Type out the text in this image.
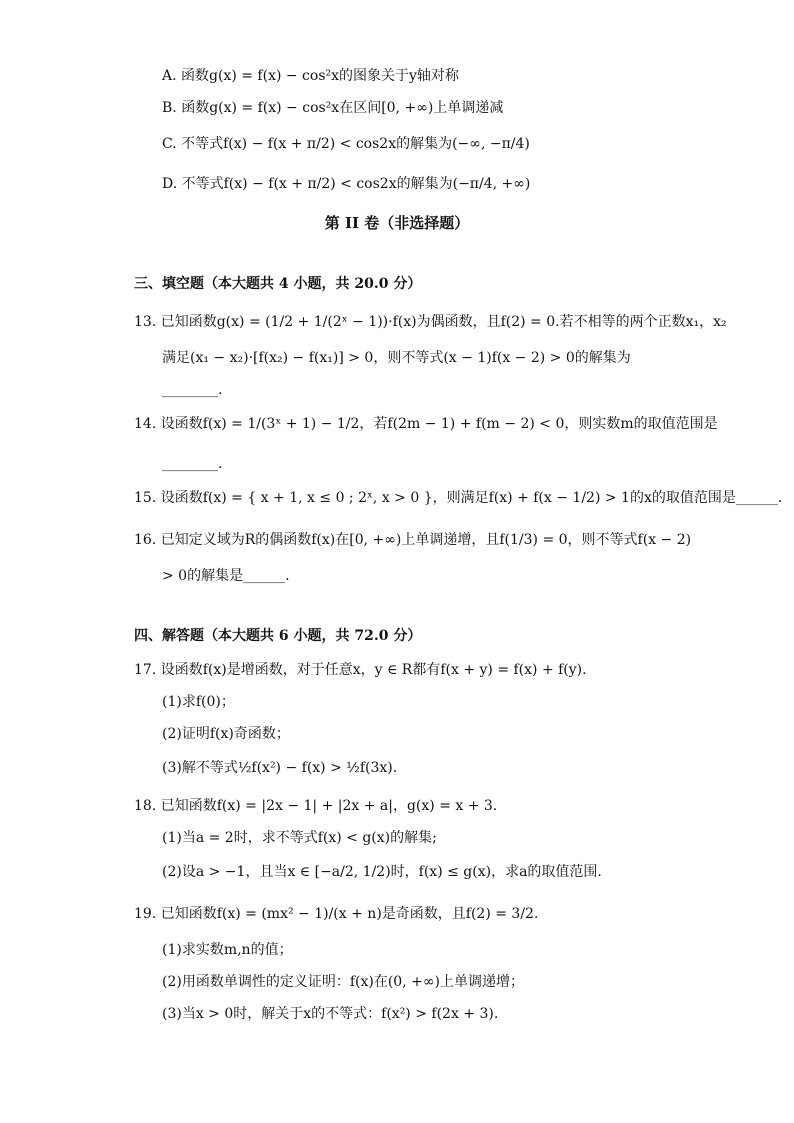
A. 函数g(x) = f(x) − cos²x的图象关于y轴对称
B. 函数g(x) = f(x) − cos²x在区间[0, +∞)上单调递减
C. 不等式f(x) − f(x + π/2) < cos2x的解集为(−∞, −π/4)
D. 不等式f(x) − f(x + π/2) < cos2x的解集为(−π/4, +∞)
第 II 卷（非选择题）
三、填空题（本大题共 4 小题，共 20.0 分）
13. 已知函数g(x) = (1/2 + 1/(2ˣ − 1))·f(x)为偶函数，且f(2) = 0.若不相等的两个正数x₁，x₂
满足(x₁ − x₂)·[f(x₂) − f(x₁)] > 0，则不等式(x − 1)f(x − 2) > 0的解集为
________.
14. 设函数f(x) = 1/(3ˣ + 1) − 1/2，若f(2m − 1) + f(m − 2) < 0，则实数m的取值范围是
________.
15. 设函数f(x) = { x + 1, x ≤ 0 ; 2ˣ, x > 0 }，则满足f(x) + f(x − 1/2) > 1的x的取值范围是______.
16. 已知定义域为R的偶函数f(x)在[0, +∞)上单调递增，且f(1/3) = 0，则不等式f(x − 2)
> 0的解集是______.
四、解答题（本大题共 6 小题，共 72.0 分）
17. 设函数f(x)是增函数，对于任意x，y ∈ R都有f(x + y) = f(x) + f(y).
(1)求f(0)；
(2)证明f(x)奇函数；
(3)解不等式½f(x²) − f(x) > ½f(3x).
18. 已知函数f(x) = |2x − 1| + |2x + a|，g(x) = x + 3.
(1)当a = 2时，求不等式f(x) < g(x)的解集;
(2)设a > −1，且当x ∈ [−a/2, 1/2)时，f(x) ≤ g(x)，求a的取值范围.
19. 已知函数f(x) = (mx² − 1)/(x + n)是奇函数，且f(2) = 3/2.
(1)求实数m,n的值；
(2)用函数单调性的定义证明：f(x)在(0, +∞)上单调递增；
(3)当x > 0时，解关于x的不等式：f(x²) > f(2x + 3).
